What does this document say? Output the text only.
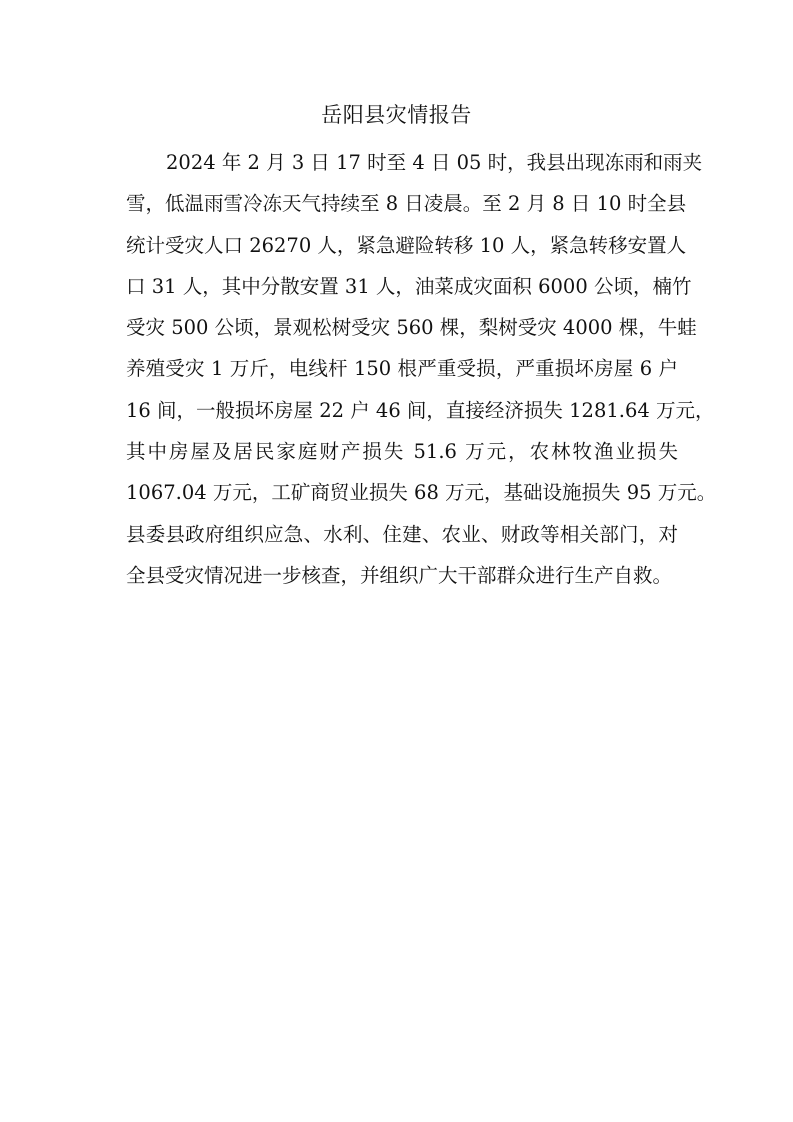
岳阳县灾情报告
2024 年 2 月 3 日 17 时至 4 日 05 时，我县出现冻雨和雨夹
雪，低温雨雪冷冻天气持续至 8 日凌晨。至 2 月 8 日 10 时全县
统计受灾人口 26270 人，紧急避险转移 10 人，紧急转移安置人
口 31 人，其中分散安置 31 人，油菜成灾面积 6000 公顷，楠竹
受灾 500 公顷，景观松树受灾 560 棵，梨树受灾 4000 棵，牛蛙
养殖受灾 1 万斤，电线杆 150 根严重受损，严重损坏房屋 6 户
16 间，一般损坏房屋 22 户 46 间，直接经济损失 1281.64 万元，
其中房屋及居民家庭财产损失 51.6 万元，农林牧渔业损失
1067.04 万元，工矿商贸业损失 68 万元，基础设施损失 95 万元。
县委县政府组织应急、水利、住建、农业、财政等相关部门，对
全县受灾情况进一步核查，并组织广大干部群众进行生产自救。
